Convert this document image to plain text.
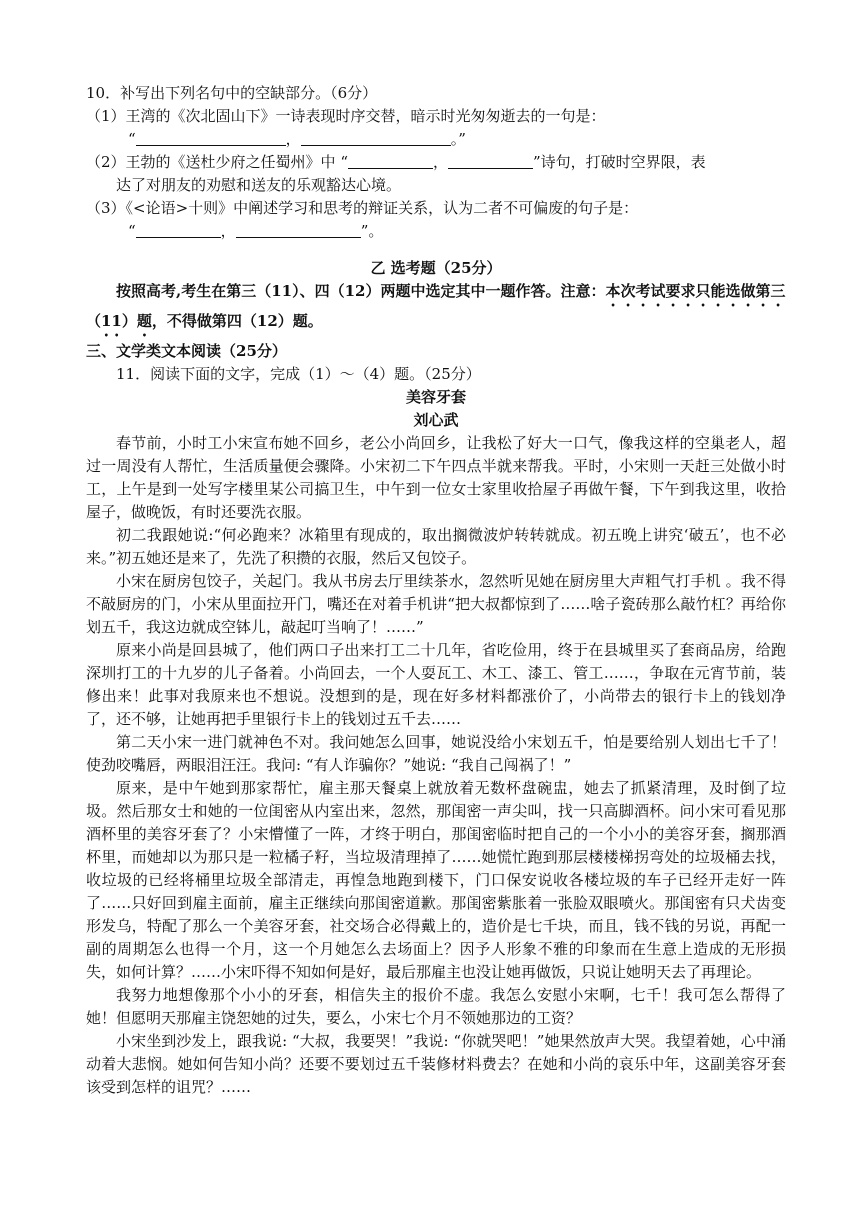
10．补写出下列名句中的空缺部分。（6分）

（1）王湾的《次北固山下》一诗表现时序交替，暗示时光匆匆逝去的一句是：

“	，	。”

（2）王勃的《送杜少府之任蜀州》中 “	，	”诗句，打破时空界限，表

达了对朋友的劝慰和送友的乐观豁达心境。

（3）《<论语>十则》中阐述学习和思考的辩证关系，认为二者不可偏废的句子是：

“	，	”。

乙 选考题（25分）

按照高考,考生在第三（11）、四（12）两题中选定其中一题作答。注意：本次考试要求只能选做第三（11）题，不得做第四（12）题。

三、文学类文本阅读（25分）

11．阅读下面的文字，完成（1）～（4）题。（25分）

美容牙套

刘心武

春节前，小时工小宋宣布她不回乡，老公小尚回乡，让我松了好大一口气，像我这样的空巢老人，超过一周没有人帮忙，生活质量便会骤降。小宋初二下午四点半就来帮我。平时，小宋则一天赶三处做小时工，上午是到一处写字楼里某公司搞卫生，中午到一位女士家里收拾屋子再做午餐，下午到我这里，收拾屋子，做晚饭，有时还要洗衣服。

初二我跟她说:“何必跑来？冰箱里有现成的，取出搁微波炉转转就成。初五晚上讲究‘破五’，也不必来。”初五她还是来了，先洗了积攒的衣服，然后又包饺子。

小宋在厨房包饺子，关起门。我从书房去厅里续茶水，忽然听见她在厨房里大声粗气打手机 。我不得不敲厨房的门，小宋从里面拉开门，嘴还在对着手机讲“把大叔都惊到了……啥子瓷砖那么敲竹杠？再给你划五千，我这边就成空钵儿，敲起叮当响了！……”

原来小尚是回县城了，他们两口子出来打工二十几年，省吃俭用，终于在县城里买了套商品房，给跑深圳打工的十九岁的儿子备着。小尚回去，一个人耍瓦工、木工、漆工、管工……，争取在元宵节前，装修出来！此事对我原来也不想说。没想到的是，现在好多材料都涨价了，小尚带去的银行卡上的钱划净了，还不够，让她再把手里银行卡上的钱划过五千去……

第二天小宋一进门就神色不对。我问她怎么回事，她说没给小宋划五千，怕是要给别人划出七千了！使劲咬嘴唇，两眼泪汪汪。我问: “有人诈骗你？”她说: “我自己闯祸了！”

原来，是中午她到那家帮忙，雇主那天餐桌上就放着无数杯盘碗盅，她去了抓紧清理，及时倒了垃圾。然后那女士和她的一位闺密从内室出来，忽然，那闺密一声尖叫，找一只高脚酒杯。问小宋可看见那酒杯里的美容牙套了？小宋懵懂了一阵，才终于明白，那闺密临时把自己的一个小小的美容牙套，搁那酒杯里，而她却以为那只是一粒橘子籽，当垃圾清理掉了……她慌忙跑到那层楼楼梯拐弯处的垃圾桶去找，收垃圾的已经将桶里垃圾全部清走，再惶急地跑到楼下，门口保安说收各楼垃圾的车子已经开走好一阵了……只好回到雇主面前，雇主正继续向那闺密道歉。那闺密紫胀着一张脸双眼喷火。那闺密有只犬齿变形发乌，特配了那么一个美容牙套，社交场合必得戴上的，造价是七千块，而且，钱不钱的另说，再配一副的周期怎么也得一个月，这一个月她怎么去场面上？因予人形象不雅的印象而在生意上造成的无形损失，如何计算？……小宋吓得不知如何是好，最后那雇主也没让她再做饭，只说让她明天去了再理论。

我努力地想像那个小小的牙套，相信失主的报价不虚。我怎么安慰小宋啊，七千！我可怎么帮得了她！但愿明天那雇主饶恕她的过失，要么，小宋七个月不领她那边的工资？

小宋坐到沙发上，跟我说: “大叔，我要哭！”我说: “你就哭吧！”她果然放声大哭。我望着她，心中涌动着大悲悯。她如何告知小尚？还要不要划过五千装修材料费去？在她和小尚的哀乐中年，这副美容牙套该受到怎样的诅咒？……
